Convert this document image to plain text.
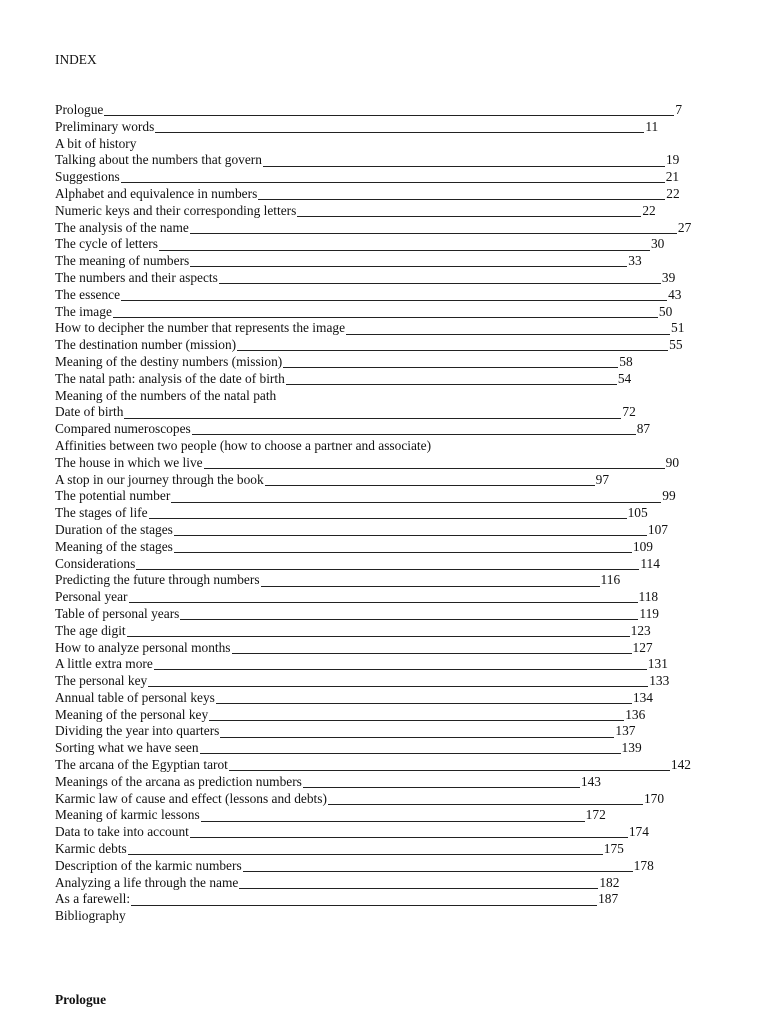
INDEX
Prologue	7
Preliminary words	11
A bit of history
Talking about the numbers that govern	19
Suggestions	21
Alphabet and equivalence in numbers	22
Numeric keys and their corresponding letters	22
The analysis of the name	27
The cycle of letters	30
The meaning of numbers	33
The numbers and their aspects	39
The essence	43
The image	50
How to decipher the number that represents the image	51
The destination number (mission)	55
Meaning of the destiny numbers (mission)	58
The natal path: analysis of the date of birth	54
Meaning of the numbers of the natal path
Date of birth	72
Compared numeroscopes	87
Affinities between two people (how to choose a partner and associate)
The house in which we live	90
A stop in our journey through the book	97
The potential number	99
The stages of life	105
Duration of the stages	107
Meaning of the stages	109
Considerations	114
Predicting the future through numbers	116
Personal year	118
Table of personal years	119
The age digit	123
How to analyze personal months	127
A little extra more	131
The personal key	133
Annual table of personal keys	134
Meaning of the personal key	136
Dividing the year into quarters	137
Sorting what we have seen	139
The arcana of the Egyptian tarot	142
Meanings of the arcana as prediction numbers	143
Karmic law of cause and effect (lessons and debts)	170
Meaning of karmic lessons	172
Data to take into account	174
Karmic debts	175
Description of the karmic numbers	178
Analyzing a life through the name	182
As a farewell:	187
Bibliography
Prologue
